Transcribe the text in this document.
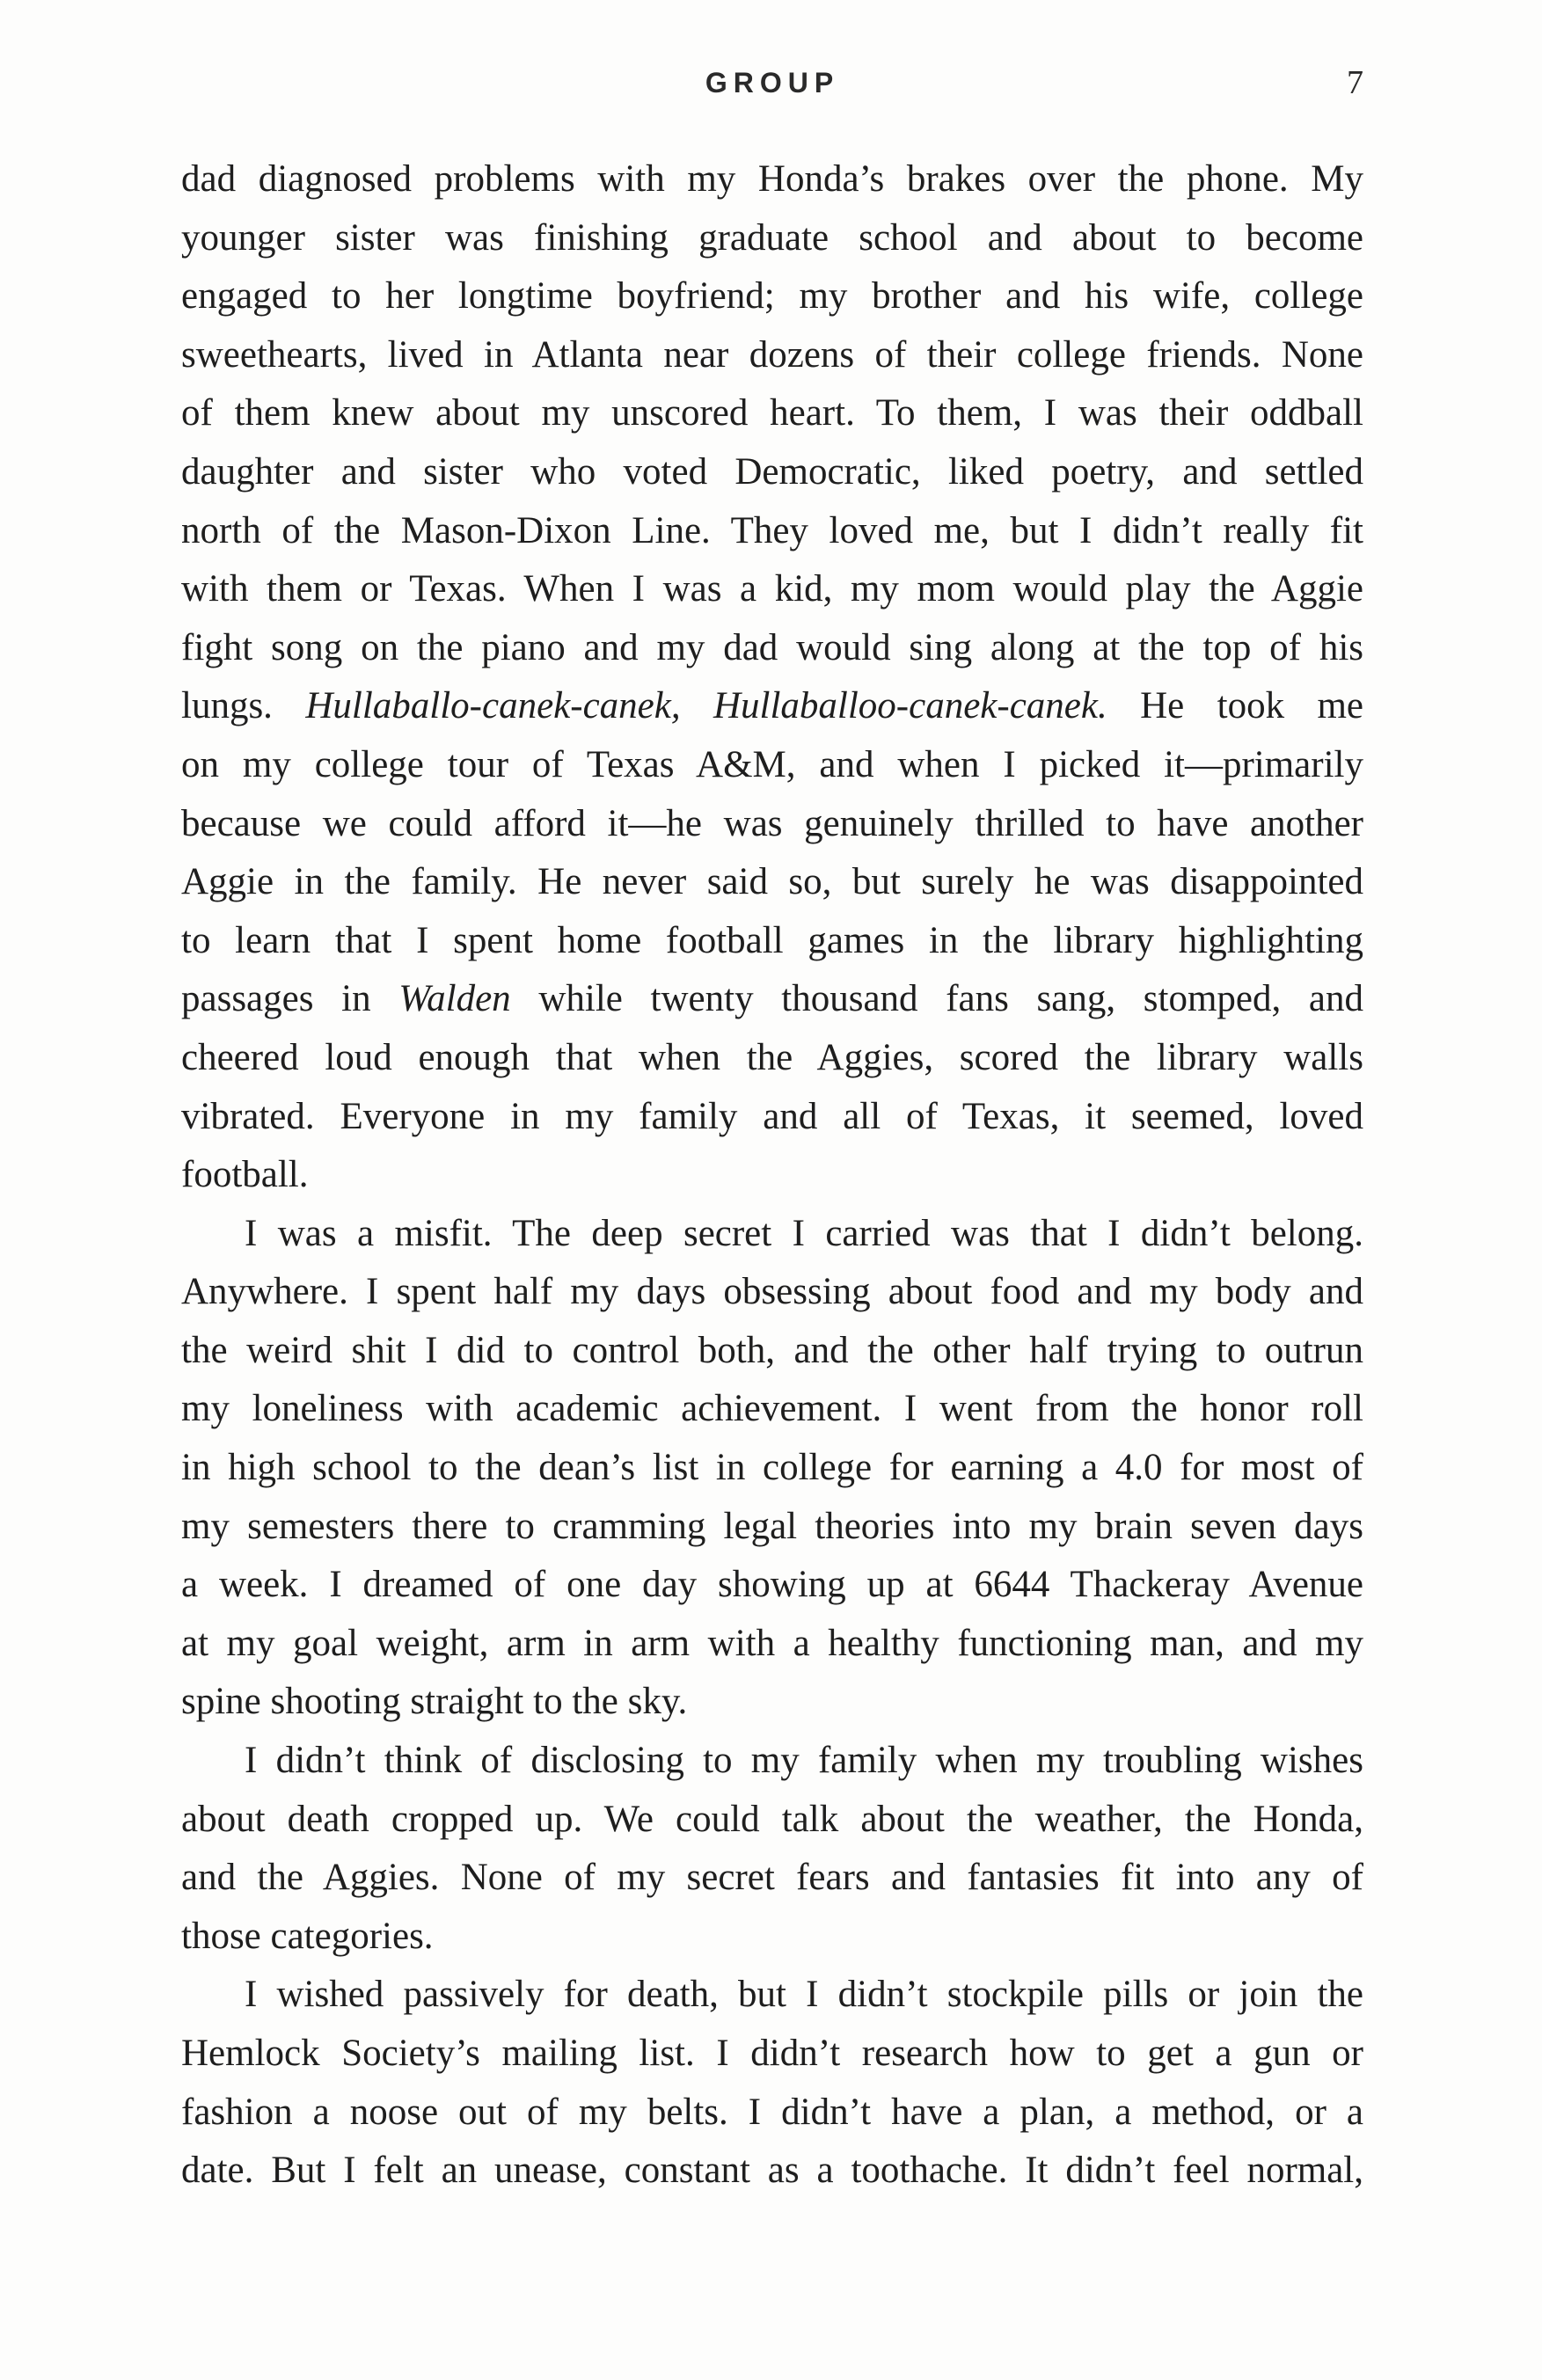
GROUP	7

dad diagnosed problems with my Honda’s brakes over the phone. My
younger sister was finishing graduate school and about to become
engaged to her longtime boyfriend; my brother and his wife, college
sweethearts, lived in Atlanta near dozens of their college friends. None
of them knew about my unscored heart. To them, I was their oddball
daughter and sister who voted Democratic, liked poetry, and settled
north of the Mason-Dixon Line. They loved me, but I didn’t really fit
with them or Texas. When I was a kid, my mom would play the Aggie
fight song on the piano and my dad would sing along at the top of his
lungs. Hullaballo-canek-canek, Hullaballoo-canek-canek. He took me
on my college tour of Texas A&M, and when I picked it—primarily
because we could afford it—he was genuinely thrilled to have another
Aggie in the family. He never said so, but surely he was disappointed
to learn that I spent home football games in the library highlighting
passages in Walden while twenty thousand fans sang, stomped, and
cheered loud enough that when the Aggies, scored the library walls
vibrated. Everyone in my family and all of Texas, it seemed, loved
football.

I was a misfit. The deep secret I carried was that I didn’t belong.
Anywhere. I spent half my days obsessing about food and my body and
the weird shit I did to control both, and the other half trying to outrun
my loneliness with academic achievement. I went from the honor roll
in high school to the dean’s list in college for earning a 4.0 for most of
my semesters there to cramming legal theories into my brain seven days
a week. I dreamed of one day showing up at 6644 Thackeray Avenue
at my goal weight, arm in arm with a healthy functioning man, and my
spine shooting straight to the sky.

I didn’t think of disclosing to my family when my troubling wishes
about death cropped up. We could talk about the weather, the Honda,
and the Aggies. None of my secret fears and fantasies fit into any of
those categories.

I wished passively for death, but I didn’t stockpile pills or join the
Hemlock Society’s mailing list. I didn’t research how to get a gun or
fashion a noose out of my belts. I didn’t have a plan, a method, or a
date. But I felt an unease, constant as a toothache. It didn’t feel normal,
